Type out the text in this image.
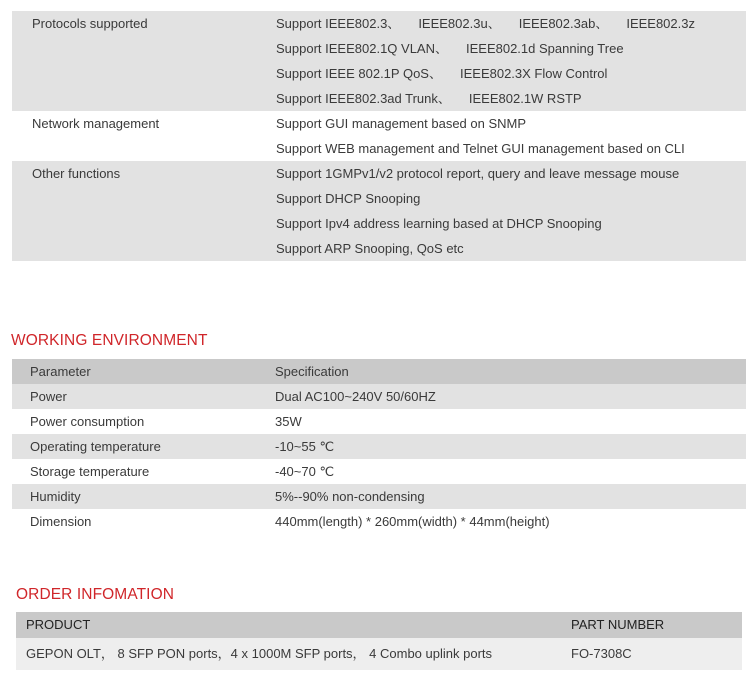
Protocols supported	Support IEEE802.3、 IEEE802.3u、 IEEE802.3ab、 IEEE802.3z
Support IEEE802.1Q VLAN、 IEEE802.1d Spanning Tree
Support IEEE 802.1P QoS、 IEEE802.3X Flow Control
Support IEEE802.3ad Trunk、 IEEE802.1W RSTP
Network management	Support GUI management based on SNMP
Support WEB management and Telnet GUI management based on CLI
Other functions	Support 1GMPv1/v2 protocol report, query and leave message mouse
Support DHCP Snooping
Support Ipv4 address learning based at DHCP Snooping
Support ARP Snooping, QoS etc
WORKING ENVIRONMENT
Parameter	Specification
Power	Dual AC100~240V 50/60HZ
Power consumption	35W
Operating temperature	-10~55 ℃
Storage temperature	-40~70 ℃
Humidity	5%--90% non-condensing
Dimension	440mm(length) * 260mm(width) * 44mm(height)
ORDER INFOMATION
PRODUCT	PART NUMBER
GEPON OLT， 8 SFP PON ports，4 x 1000M SFP ports， 4 Combo uplink ports	FO-7308C
